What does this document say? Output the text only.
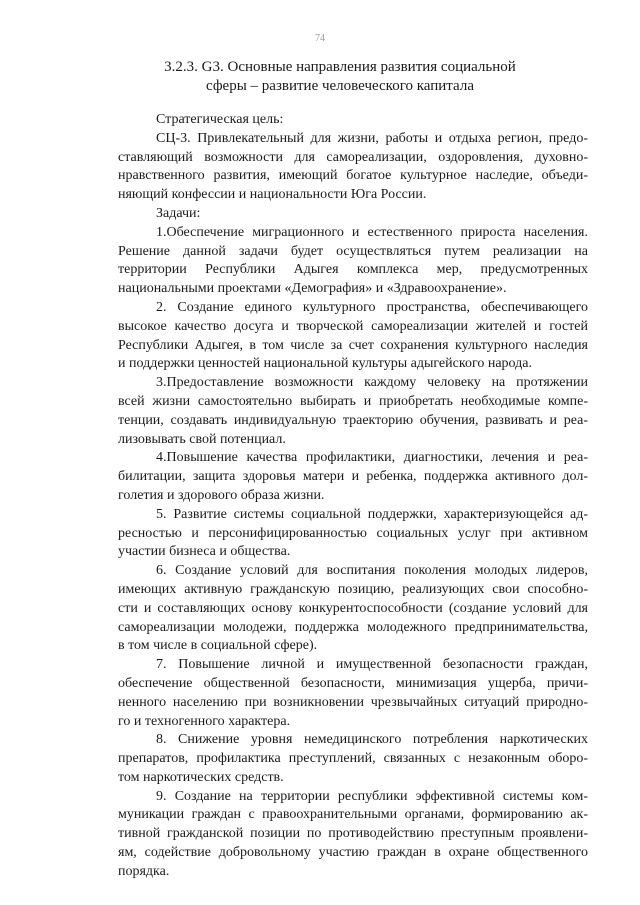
74
3.2.3. G3. Основные направления развития социальной
сферы – развитие человеческого капитала
Стратегическая цель:
СЦ-3. Привлекательный для жизни, работы и отдыха регион, предо-
ставляющий возможности для самореализации, оздоровления, духовно-
нравственного развития, имеющий богатое культурное наследие, объеди-
няющий конфессии и национальности Юга России.
Задачи:
1.Обеспечение миграционного и естественного прироста населения.
Решение данной задачи будет осуществляться путем реализации на
территории Республики Адыгея комплекса мер, предусмотренных
национальными проектами «Демография» и «Здравоохранение».
2. Создание единого культурного пространства, обеспечивающего
высокое качество досуга и творческой самореализации жителей и гостей
Республики Адыгея, в том числе за счет сохранения культурного наследия
и поддержки ценностей национальной культуры адыгейского народа.
3.Предоставление возможности каждому человеку на протяжении
всей жизни самостоятельно выбирать и приобретать необходимые компе-
тенции, создавать индивидуальную траекторию обучения, развивать и реа-
лизовывать свой потенциал.
4.Повышение качества профилактики, диагностики, лечения и реа-
билитации, защита здоровья матери и ребенка, поддержка активного дол-
голетия и здорового образа жизни.
5. Развитие системы социальной поддержки, характеризующейся ад-
ресностью и персонифицированностью социальных услуг при активном
участии бизнеса и общества.
6. Создание условий для воспитания поколения молодых лидеров,
имеющих активную гражданскую позицию, реализующих свои способно-
сти и составляющих основу конкурентоспособности (создание условий для
самореализации молодежи, поддержка молодежного предпринимательства,
в том числе в социальной сфере).
7. Повышение личной и имущественной безопасности граждан,
обеспечение общественной безопасности, минимизация ущерба, причи-
ненного населению при возникновении чрезвычайных ситуаций природно-
го и техногенного характера.
8. Снижение уровня немедицинского потребления наркотических
препаратов, профилактика преступлений, связанных с незаконным оборо-
том наркотических средств.
9. Создание на территории республики эффективной системы ком-
муникации граждан с правоохранительными органами, формированию ак-
тивной гражданской позиции по противодействию преступным проявлени-
ям, содействие добровольному участию граждан в охране общественного
порядка.
